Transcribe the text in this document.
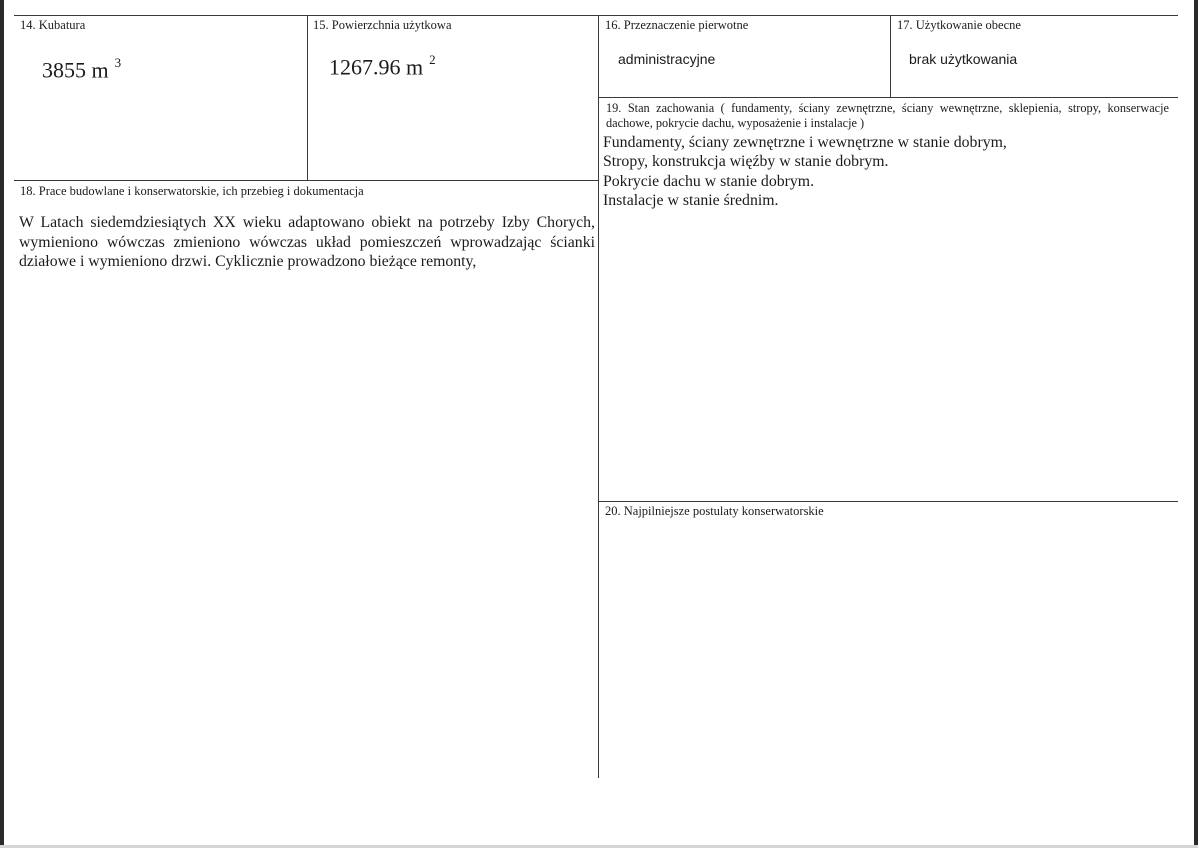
14. Kubatura
3855 m $^3$
15. Powierzchnia użytkowa
1267.96 m $^2$
16. Przeznaczenie pierwotne
administracyjne
17. Użytkowanie obecne
brak użytkowania
18. Prace budowlane i konserwatorskie, ich przebieg i dokumentacja
W Latach siedemdziesiątych XX wieku adaptowano obiekt na potrzeby Izby Chorych, wymieniono wówczas zmieniono wówczas układ pomieszczeń wprowadzając ścianki działowe i wymieniono drzwi. Cyklicznie prowadzono bieżące remonty,
19. Stan zachowania ( fundamenty, ściany zewnętrzne, ściany wewnętrzne, sklepienia, stropy, konserwacje dachowe, pokrycie dachu, wyposażenie i instalacje )
Fundamenty, ściany zewnętrzne i wewnętrzne w stanie dobrym,
Stropy, konstrukcja więźby w stanie dobrym.
Pokrycie dachu w stanie dobrym.
Instalacje w stanie średnim.
20. Najpilniejsze postulaty konserwatorskie
